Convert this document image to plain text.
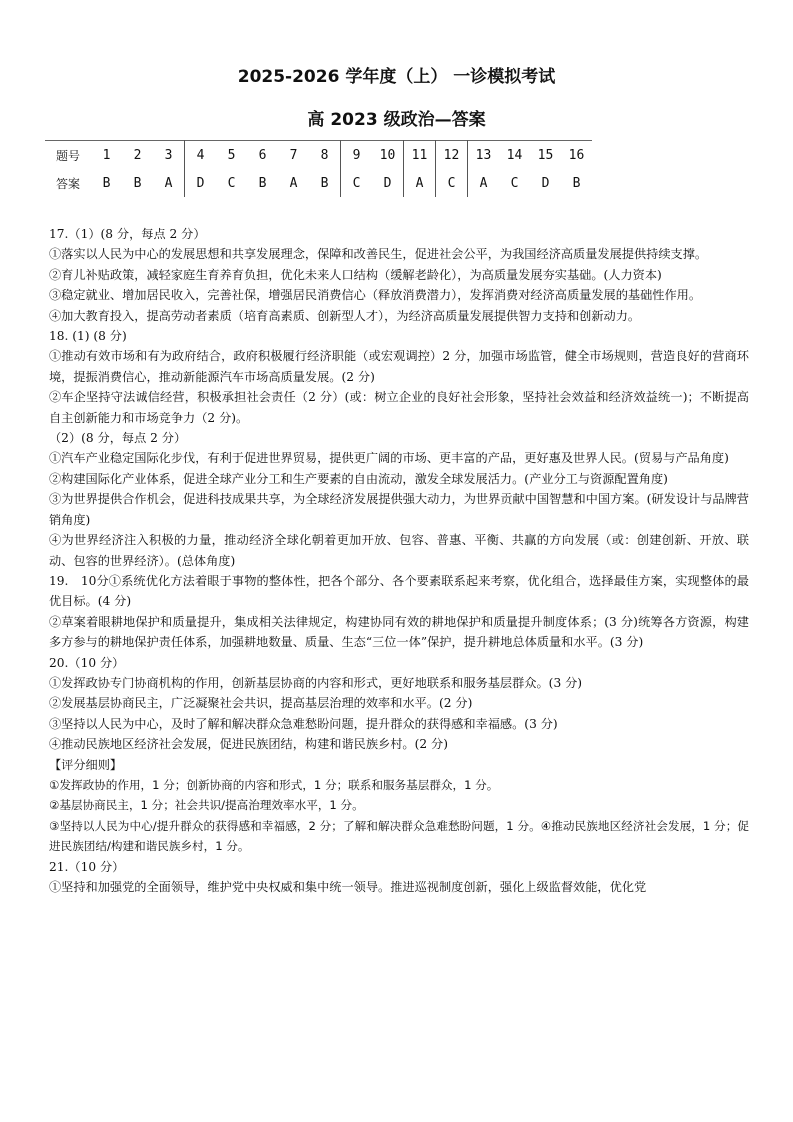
2025-2026 学年度（上） 一诊模拟考试
高 2023 级政治—答案
题号	1	2	3	4	5	6	7	8	9	10	11	12	13	14	15	16
答案	B	B	A	D	C	B	A	B	C	D	A	C	A	C	D	B

17.（1）(8 分，每点 2 分）

①落实以人民为中心的发展思想和共享发展理念，保障和改善民生，促进社会公平，为我国经济高质量发展提供持续支撑。

②育儿补贴政策，减轻家庭生育养育负担，优化未来人口结构（缓解老龄化），为高质量发展夯实基础。(人力资本)

③稳定就业、增加居民收入，完善社保，增强居民消费信心（释放消费潜力），发挥消费对经济高质量发展的基础性作用。

④加大教育投入，提高劳动者素质（培育高素质、创新型人才），为经济高质量发展提供智力支持和创新动力。

18. (1) (8 分)

①推动有效市场和有为政府结合，政府积极履行经济职能（或宏观调控）2 分，加强市场监管，健全市场规则，营造良好的营商环境，提振消费信心，推动新能源汽车市场高质量发展。(2 分)

②车企坚持守法诚信经营，积极承担社会责任（2 分）(或：树立企业的良好社会形象，坚持社会效益和经济效益统一)；不断提高自主创新能力和市场竞争力（2 分)。

（2）(8 分，每点 2 分）

①汽车产业稳定国际化步伐，有利于促进世界贸易，提供更广阔的市场、更丰富的产品，更好惠及世界人民。(贸易与产品角度)

②构建国际化产业体系，促进全球产业分工和生产要素的自由流动，激发全球发展活力。(产业分工与资源配置角度)

③为世界提供合作机会，促进科技成果共享，为全球经济发展提供强大动力，为世界贡献中国智慧和中国方案。(研发设计与品牌营销角度)

④为世界经济注入积极的力量，推动经济全球化朝着更加开放、包容、普惠、平衡、共赢的方向发展（或：创建创新、开放、联动、包容的世界经济）。(总体角度)

19.　10分①系统优化方法着眼于事物的整体性，把各个部分、各个要素联系起来考察，优化组合，选择最佳方案，实现整体的最优目标。(4 分)

②草案着眼耕地保护和质量提升，集成相关法律规定，构建协同有效的耕地保护和质量提升制度体系；(3 分)统筹各方资源，构建多方参与的耕地保护责任体系，加强耕地数量、质量、生态“三位一体”保护，提升耕地总体质量和水平。(3 分)

20.（10 分）

①发挥政协专门协商机构的作用，创新基层协商的内容和形式，更好地联系和服务基层群众。(3 分)

②发展基层协商民主，广泛凝聚社会共识，提高基层治理的效率和水平。(2 分)

③坚持以人民为中心，及时了解和解决群众急难愁盼问题，提升群众的获得感和幸福感。(3 分)

④推动民族地区经济社会发展，促进民族团结，构建和谐民族乡村。(2 分)

【评分细则】

①发挥政协的作用，1 分；创新协商的内容和形式，1 分；联系和服务基层群众，1 分。

②基层协商民主，1 分；社会共识/提高治理效率水平，1 分。

③坚持以人民为中心/提升群众的获得感和幸福感，2 分；了解和解决群众急难愁盼问题，1 分。④推动民族地区经济社会发展，1 分；促进民族团结/构建和谐民族乡村，1 分。

21.（10 分）

①坚持和加强党的全面领导，维护党中央权威和集中统一领导。推进巡视制度创新，强化上级监督效能，优化党
